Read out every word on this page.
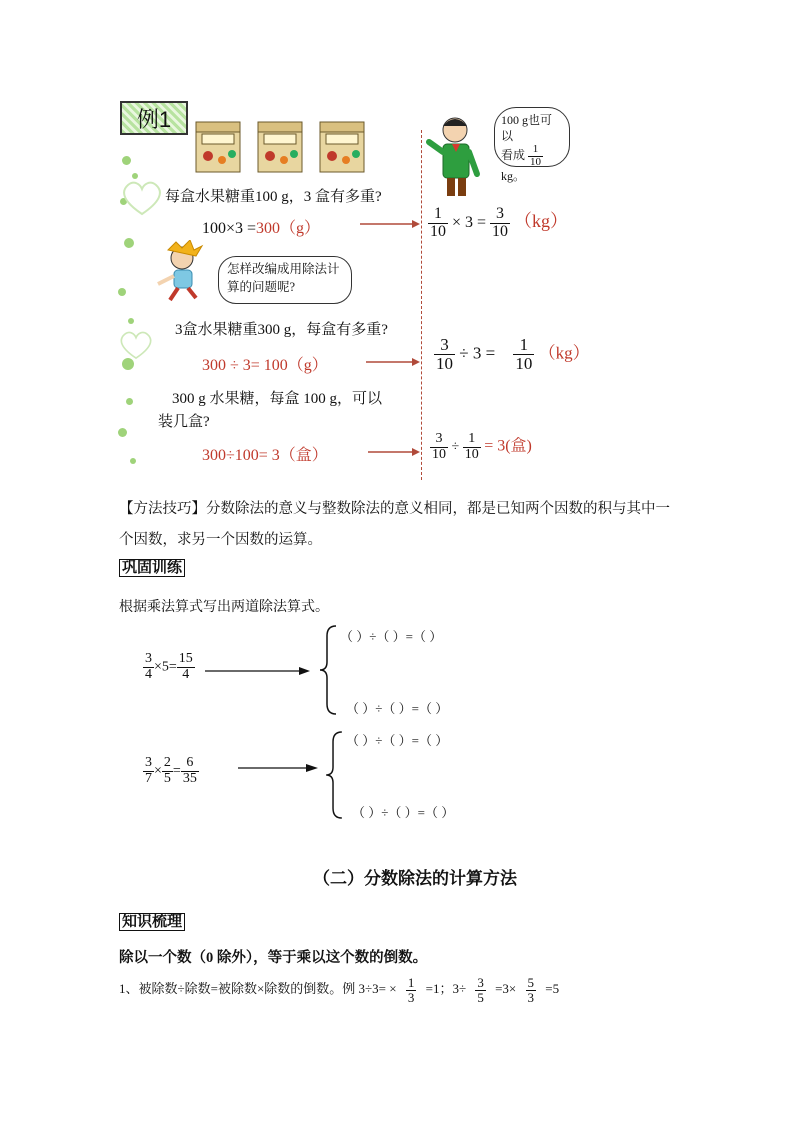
例1	100 g也可以
看成 $\frac{1}{10}$
kg。
每盒水果糖重100 g，3 盒有多重?
100×3 =300（g）	$\frac{1}{10} \times 3 = \frac{3}{10} (kg)$
怎样改编成用除法计算的问题呢?
3盒水果糖重300 g，每盒有多重?
300 ÷ 3= 100（g）	$\frac{3}{10} \div 3 = \frac{1}{10} (kg)$
300 g 水果糖，每盒 100 g，可以
装几盒?
300÷100= 3（盒）	$\frac{3}{10} \div \frac{1}{10} = 3$(盒)
【方法技巧】分数除法的意义与整数除法的意义相同，都是已知两个因数的积与其中一
个因数，求另一个因数的运算。
巩固训练
根据乘法算式写出两道除法算式。
$\frac{3}{4} \times 5= \frac{15}{4}$
（ ）÷（ ）=（ ）
（ ）÷（ ）=（ ）
$\frac{3}{7} \times \frac{2}{5} = \frac{6}{35}$
（ ）÷（ ）=（ ）
（ ）÷（ ）=（ ）
（二）分数除法的计算方法
知识梳理
除以一个数（0 除外），等于乘以这个数的倒数。
1、被除数÷除数=被除数×除数的倒数。例 $3\div 3= \times \frac{1}{3} =1$；$3\div \frac{3}{5} =3\times \frac{5}{3} =5$
